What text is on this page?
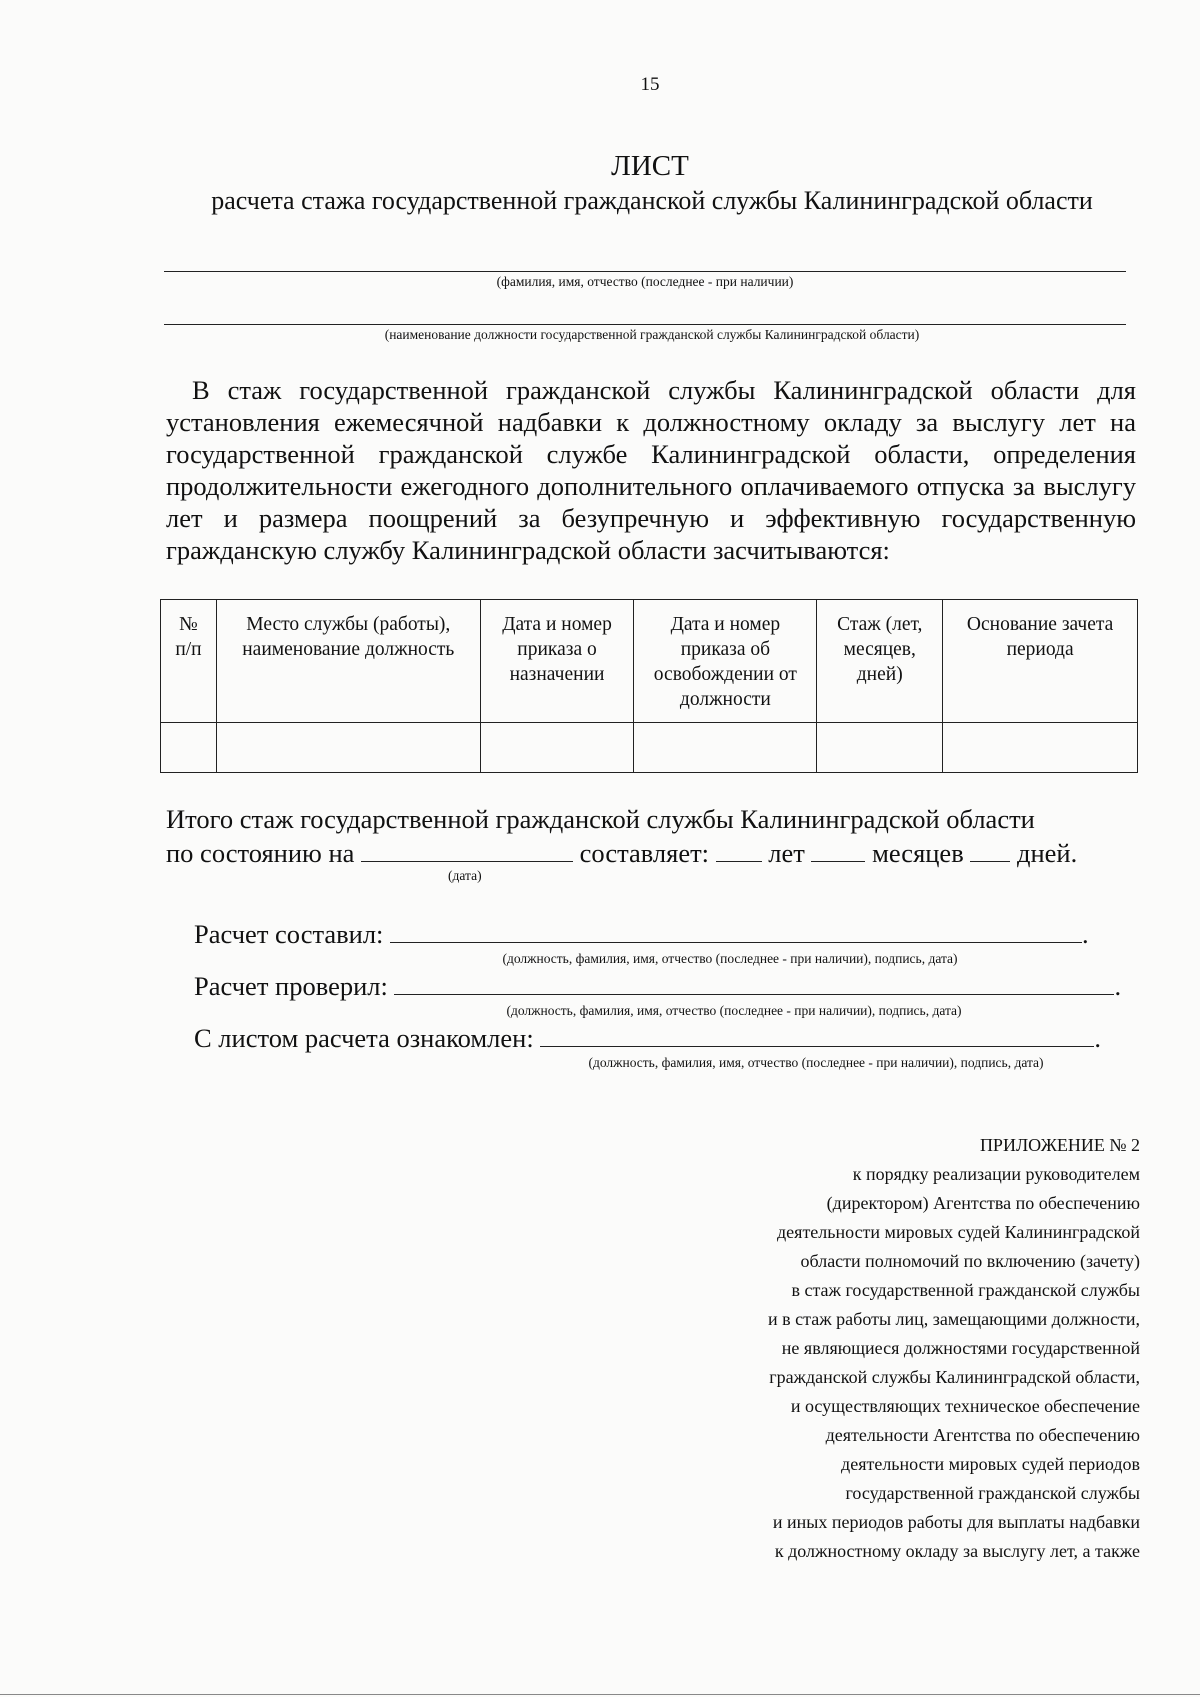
15
ЛИСТ
расчета стажа государственной гражданской службы Калининградской области
(фамилия, имя, отчество (последнее - при наличии)
(наименование должности государственной гражданской службы Калининградской области)
В стаж государственной гражданской службы Калининградской области для установления ежемесячной надбавки к должностному окладу за выслугу лет на государственной гражданской службе Калининградской области, определения продолжительности ежегодного дополнительного оплачиваемого отпуска за выслугу лет и размера поощрений за безупречную и эффективную государственную гражданскую службу Калининградской области засчитываются:
№ п/п	Место службы (работы), наименование должность	Дата и номер приказа о назначении	Дата и номер приказа об освобождении от должности	Стаж (лет, месяцев, дней)	Основание зачета периода

Итого стаж государственной гражданской службы Калининградской области
по состоянию на	составляет: лет	месяцев дней.
(дата)
Расчет составил:	.
(должность, фамилия, имя, отчество (последнее - при наличии), подпись, дата)
Расчет проверил:	.
(должность, фамилия, имя, отчество (последнее - при наличии), подпись, дата)
С листом расчета ознакомлен:	.
(должность, фамилия, имя, отчество (последнее - при наличии), подпись, дата)
ПРИЛОЖЕНИЕ № 2
к порядку реализации руководителем
(директором) Агентства по обеспечению
деятельности мировых судей Калининградской
области полномочий по включению (зачету)
в стаж государственной гражданской службы
и в стаж работы лиц, замещающими должности,
не являющиеся должностями государственной
гражданской службы Калининградской области,
и осуществляющих техническое обеспечение
деятельности Агентства по обеспечению
деятельности мировых судей периодов
государственной гражданской службы
и иных периодов работы для выплаты надбавки
к должностному окладу за выслугу лет, а также
